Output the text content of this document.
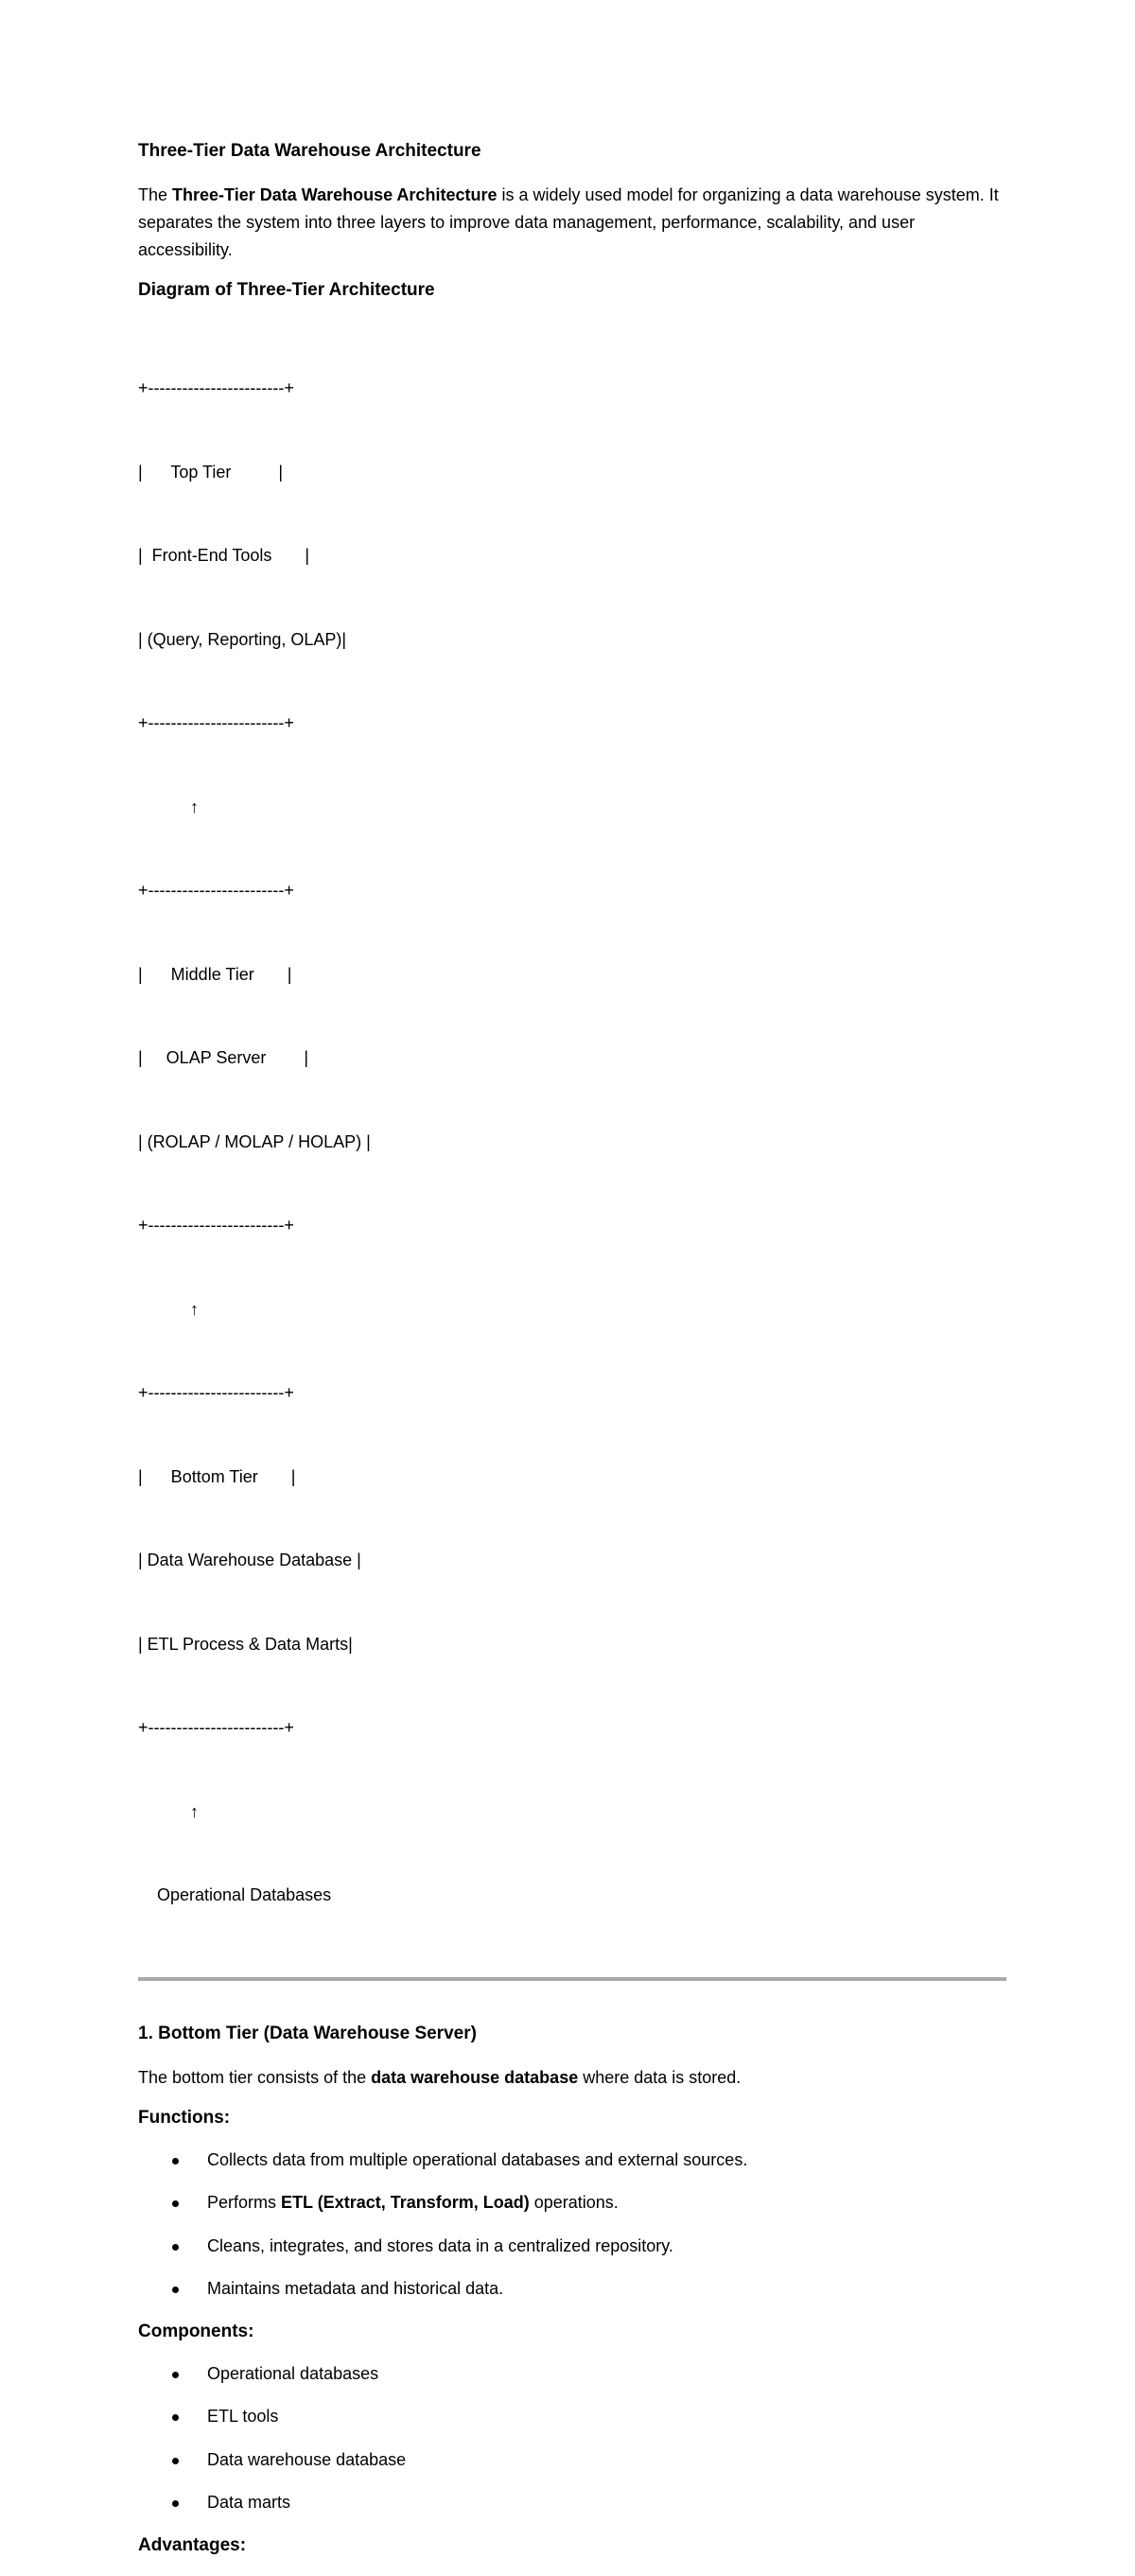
Three-Tier Data Warehouse Architecture

The Three-Tier Data Warehouse Architecture is a widely used model for organizing a data warehouse system. It separates the system into three layers to improve data management, performance, scalability, and user accessibility.

Diagram of Three-Tier Architecture

+------------------------+

|      Top Tier          |

|  Front-End Tools       |

| (Query, Reporting, OLAP)|

+------------------------+

↑

+------------------------+

|      Middle Tier       |

|     OLAP Server        |

| (ROLAP / MOLAP / HOLAP) |

+------------------------+

↑

+------------------------+

|      Bottom Tier       |

| Data Warehouse Database |

| ETL Process & Data Marts|

+------------------------+

↑

Operational Databases

1. Bottom Tier (Data Warehouse Server)

The bottom tier consists of the data warehouse database where data is stored.

Functions:
Collects data from multiple operational databases and external sources.
Performs ETL (Extract, Transform, Load) operations.
Cleans, integrates, and stores data in a centralized repository.
Maintains metadata and historical data.
Components:
Operational databases
ETL tools
Data warehouse database
Data marts
Advantages:
